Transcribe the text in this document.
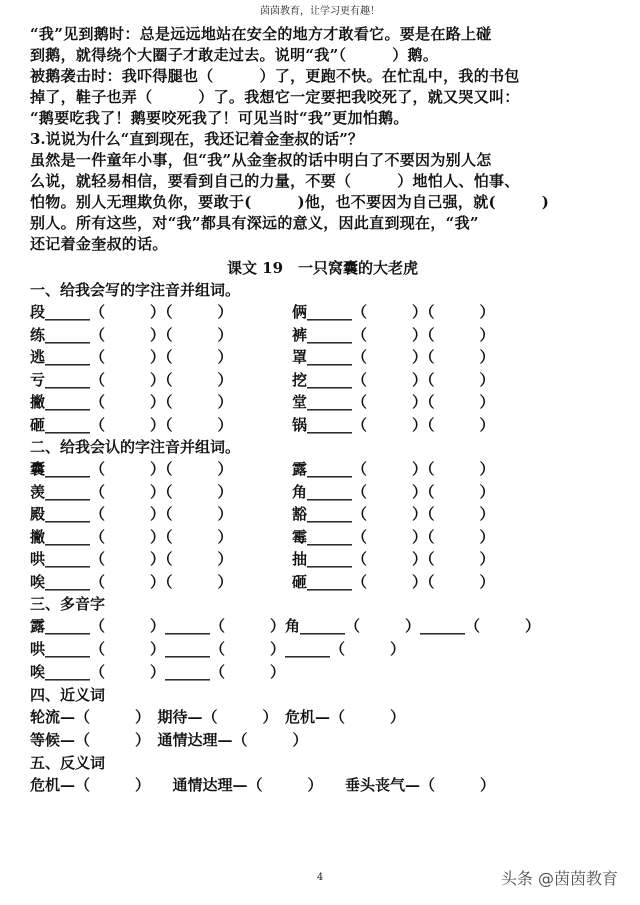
茵茵教育，让学习更有趣！

“我”见到鹅时：总是远远地站在安全的地方才敢看它。要是在路上碰

到鹅，就得绕个大圈子才敢走过去。说明“我”（　　　）鹅。

被鹅袭击时：我吓得腿也（　　　）了，更跑不快。在忙乱中，我的书包

掉了，鞋子也弄（　　　）了。我想它一定要把我咬死了，就又哭又叫：

“鹅要吃我了！鹅要咬死我了！可见当时“我”更加怕鹅。

3.说说为什么“直到现在，我还记着金奎叔的话”？

虽然是一件童年小事，但“我”从金奎叔的话中明白了不要因为别人怎

么说，就轻易相信，要看到自己的力量，不要（　　　）地怕人、怕事、

怕物。别人无理欺负你，要敢于(　　　)他，也不要因为自己强，就(　　　)

别人。所有这些，对“我”都具有深远的意义，因此直到现在，“我”

还记着金奎叔的话。

课文 19　一只窝囊的大老虎

一、给我会写的字注音并组词。

段______（　　　）（　　　）	俩______（　　　）（　　　）
练______（　　　）（　　　）	裤______（　　　）（　　　）
逃______（　　　）（　　　）	罩______（　　　）（　　　）
亏______（　　　）（　　　）	挖______（　　　）（　　　）
撇______（　　　）（　　　）	堂______（　　　）（　　　）
砸______（　　　）（　　　）	锅______（　　　）（　　　）

二、给我会认的字注音并组词。

囊______（　　　）（　　　）	露______（　　　）（　　　）
羡______（　　　）（　　　）	角______（　　　）（　　　）
殿______（　　　）（　　　）	豁______（　　　）（　　　）
撇______（　　　）（　　　）	霉______（　　　）（　　　）
哄______（　　　）（　　　）	抽______（　　　）（　　　）
唉______（　　　）（　　　）	砸______（　　　）（　　　）

三、多音字

露______（　　　）______（　　　）角______（　　　）______（　　　）
哄______（　　　）______（　　　）______（　　　）
唉______（　　　）______（　　　）

四、近义词

轮流—（　　　）　期待—（　　　）　危机—（　　　）
等候—（　　　）　通情达理—（　　　）

五、反义词

危机—（　　　）　　通情达理—（　　　）　　垂头丧气—（　　　）
4	头条 @茵茵教育
